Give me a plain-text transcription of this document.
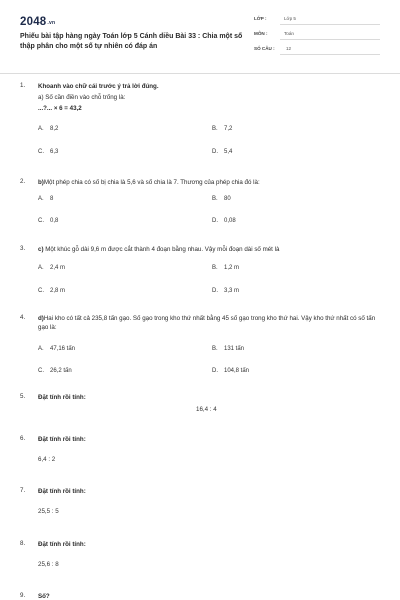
2048.vn
Phiếu bài tập hàng ngày Toán lớp 5 Cánh diều Bài 33 : Chia một số thập phân cho một số tự nhiên có đáp án
LỚP :	Lớp 5
MÔN :	Toán
SỐ CÂU : 12
1. Khoanh vào chữ cái trước ý trả lời đúng.
a) Số cần điền vào chỗ trống là:
...?... × 6 = 43,2
A. 8,2	B. 7,2
C. 6,3	D. 5,4
2. b)Một phép chia có số bị chia là 5,6 và số chia là 7. Thương của phép chia đó là:
A. 8	B. 80
C. 0,8	D. 0,08
3. c) Một khúc gỗ dài 9,6 m được cắt thành 4 đoạn bằng nhau. Vậy mỗi đoạn dài số mét là
A. 2,4 m	B. 1,2 m
C. 2,8 m	D. 3,3 m
4. d)Hai kho có tất cả 235,8 tấn gạo. Số gạo trong kho thứ nhất bằng 45 số gạo trong kho thứ hai. Vậy kho thứ nhất có số tấn gạo là:
A. 47,16 tấn	B. 131 tấn
C. 26,2 tấn	D. 104,8 tấn
5. Đặt tính rồi tính:
16,4 : 4
6. Đặt tính rồi tính:
6,4 : 2
7. Đặt tính rồi tính:
25,5 : 5
8. Đặt tính rồi tính:
25,6 : 8
9. Số?
